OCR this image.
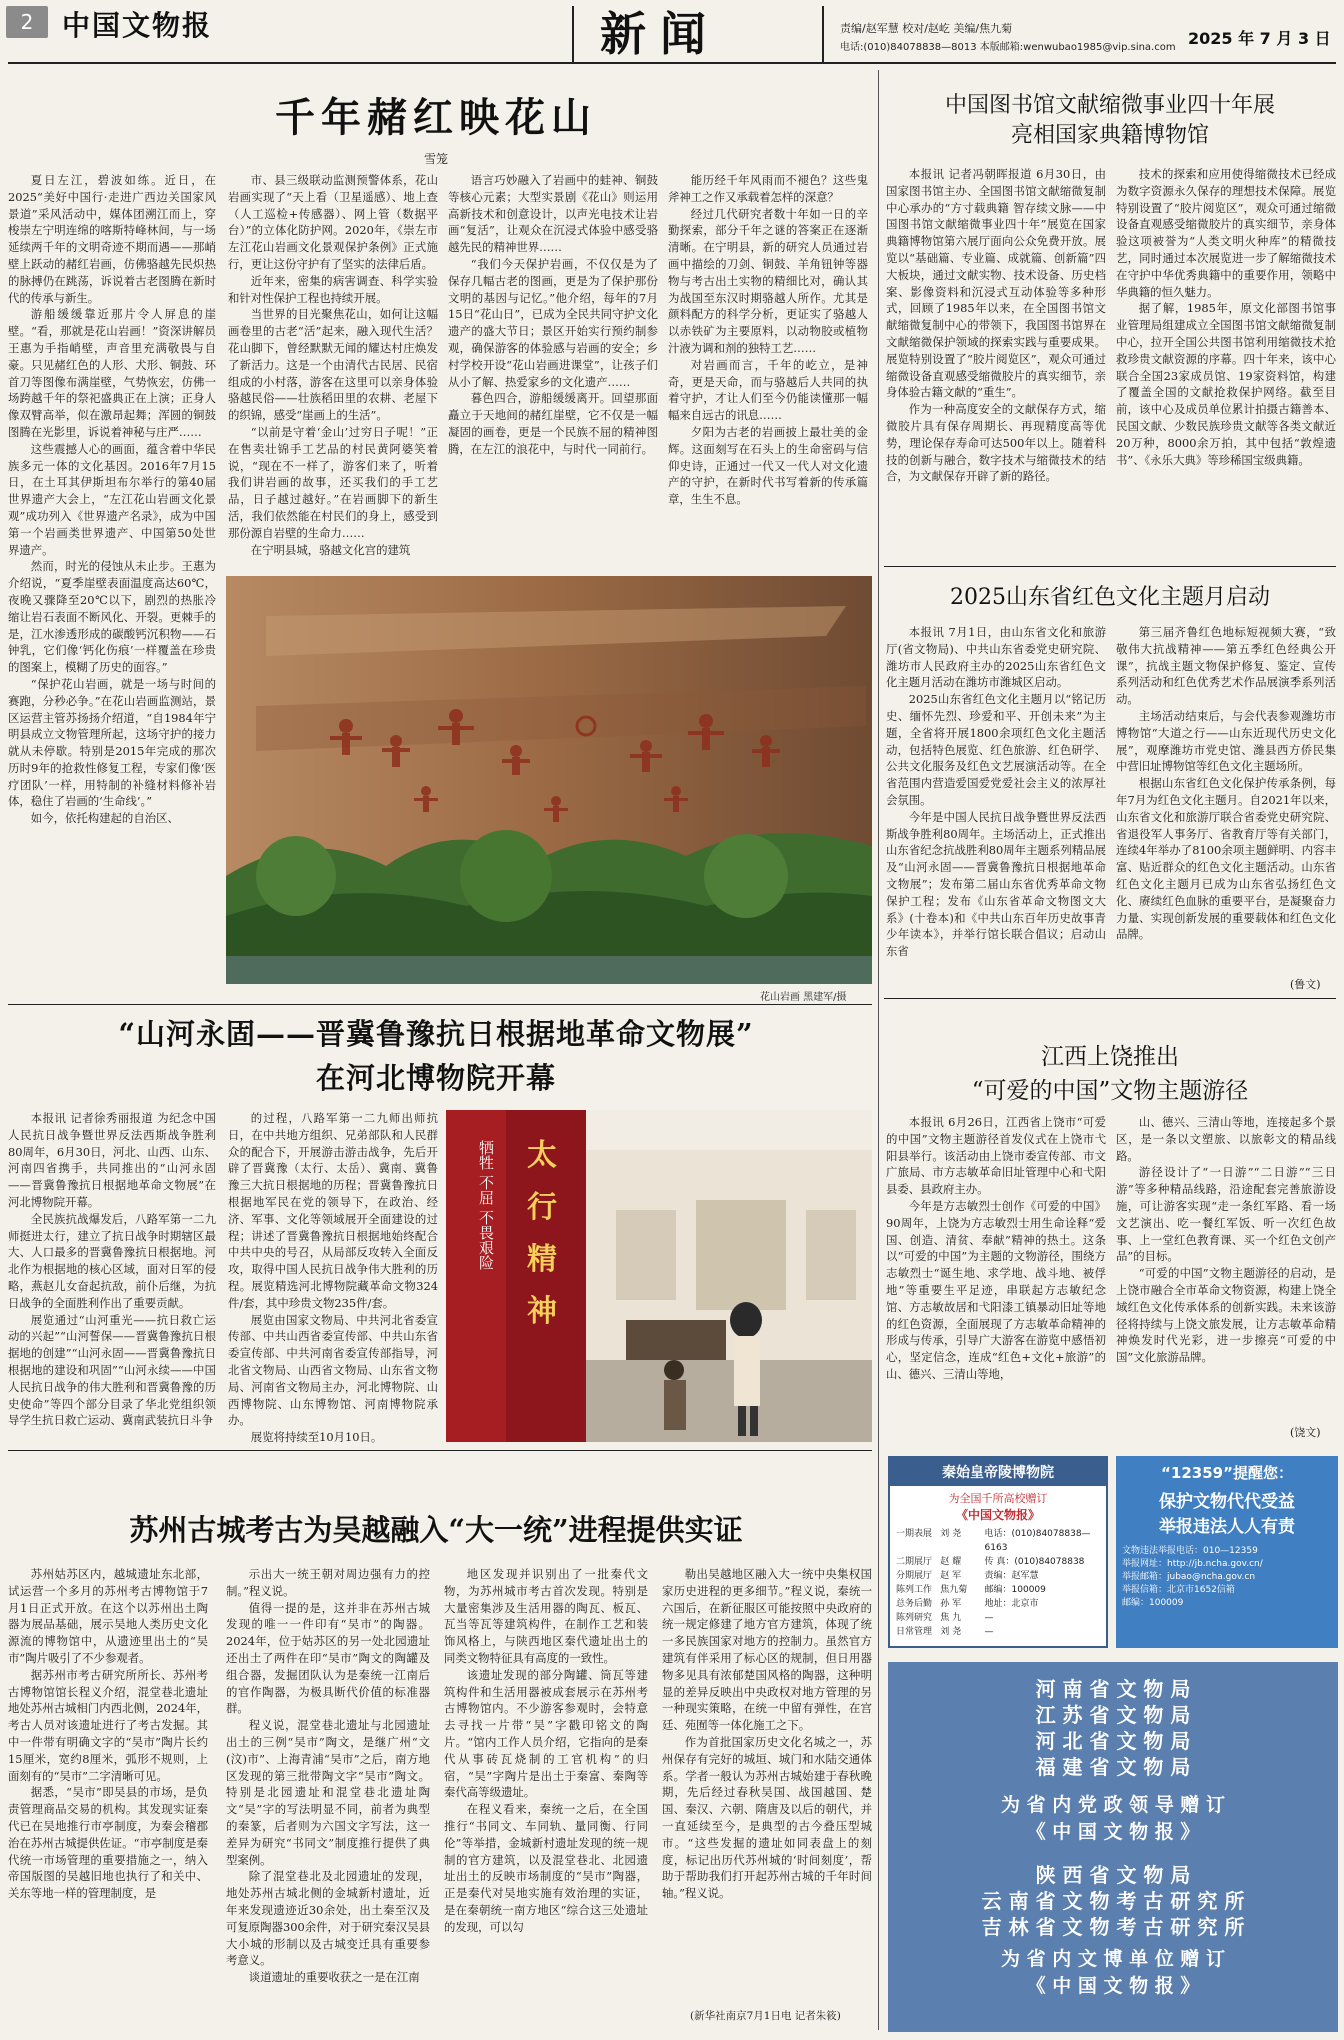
2	中国文物报	新闻	责编/赵军慧 校对/赵屹 美编/焦九菊
电话:(010)84078838—8013 本版邮箱:wenwubao1985@vip.sina.com 2025 年 7 月 3 日
千年赭红映花山
雪笼

夏日左江，碧波如练。近日，在2025“美好中国行·走进广西边关国家风景道”采风活动中，媒体团溯江而上，穿梭崇左宁明连绵的喀斯特峰林间，与一场延续两千年的文明奇迹不期而遇——那峭壁上跃动的赭红岩画，仿佛骆越先民炽热的脉搏仍在跳荡，诉说着古老图腾在新时代的传承与新生。

游船缓缓靠近那片令人屏息的崖壁。“看，那就是花山岩画！”资深讲解员王惠为手指峭壁，声音里充满敬畏与自豪。只见赭红色的人形、犬形、铜鼓、环首刀等图像布满崖壁，气势恢宏，仿佛一场跨越千年的祭祀盛典正在上演；正身人像双臂高举，似在激昂起舞；浑圆的铜鼓图腾在光影里，诉说着神秘与庄严……

这些震撼人心的画面，蕴含着中华民族多元一体的文化基因。2016年7月15日，在土耳其伊斯坦布尔举行的第40届世界遗产大会上，“左江花山岩画文化景观”成功列入《世界遗产名录》，成为中国第一个岩画类世界遗产、中国第50处世界遗产。

然而，时光的侵蚀从未止步。王惠为介绍说，“夏季崖壁表面温度高达60℃，夜晚又骤降至20℃以下，剧烈的热胀冷缩让岩石表面不断风化、开裂。更棘手的是，江水渗透形成的碳酸钙沉积物——石钟乳，它们像‘钙化伤痕’一样覆盖在珍贵的图案上，模糊了历史的面容。”

“保护花山岩画，就是一场与时间的赛跑，分秒必争。”在花山岩画监测站，景区运营主管苏扬扬介绍道，“自1984年宁明县成立文物管理所起，这场守护的接力就从未停歇。特别是2015年完成的那次历时9年的抢救性修复工程，专家们像‘医疗团队’一样，用特制的补缝材料修补岩体，稳住了岩画的‘生命线’。”

如今，依托构建起的自治区、

市、县三级联动监测预警体系，花山岩画实现了“天上看（卫星遥感）、地上查（人工巡检+传感器）、网上管（数据平台）”的立体化防护网。2020年，《崇左市左江花山岩画文化景观保护条例》正式施行，更让这份守护有了坚实的法律后盾。

近年来，密集的病害调查、科学实验和针对性保护工程也持续开展。

当世界的目光聚焦花山，如何让这幅画卷里的古老“活”起来，融入现代生活？花山脚下，曾经默默无闻的耀达村庄焕发了新活力。这是一个由清代古民居、民宿组成的小村落，游客在这里可以亲身体验骆越民俗——壮族稻田里的农耕、老屋下的织锦，感受“崖画上的生活”。

“以前是守着‘金山’过穷日子呢！”正在售卖壮锦手工艺品的村民黄阿婆笑着说，“现在不一样了，游客们来了，听着我们讲岩画的故事，还买我们的手工艺品，日子越过越好。”在岩画脚下的新生活，我们依然能在村民们的身上，感受到那份源自岩壁的生命力……

在宁明县城，骆越文化宫的建筑

语言巧妙融入了岩画中的蛙神、铜鼓等核心元素；大型实景剧《花山》则运用高新技术和创意设计，以声光电技术让岩画“复活”，让观众在沉浸式体验中感受骆越先民的精神世界……

“我们今天保护岩画，不仅仅是为了保存几幅古老的图画，更是为了保护那份文明的基因与记忆。”他介绍，每年的7月15日“花山日”，已成为全民共同守护文化遗产的盛大节日；景区开始实行预约制参观，确保游客的体验感与岩画的安全；乡村学校开设“花山岩画进课堂”，让孩子们从小了解、热爱家乡的文化遗产……

暮色四合，游船缓缓离开。回望那面矗立于天地间的赭红崖壁，它不仅是一幅凝固的画卷，更是一个民族不屈的精神图腾，在左江的浪花中，与时代一同前行。

能历经千年风雨而不褪色？这些鬼斧神工之作又承载着怎样的深意？

经过几代研究者数十年如一日的辛勤探索，部分千年之谜的答案正在逐渐清晰。在宁明县，新的研究人员通过岩画中描绘的刀剑、铜鼓、羊角钮钟等器物与考古出土实物的精细比对，确认其为战国至东汉时期骆越人所作。尤其是颜料配方的科学分析，更证实了骆越人以赤铁矿为主要原料，以动物胶或植物汁液为调和剂的独特工艺……

对岩画而言，千年的屹立，是神奇，更是天命，而与骆越后人共同的执着守护，才让人们至今仍能读懂那一幅幅来自远古的讯息……

夕阳为古老的岩画披上最壮美的金辉。这面刻写在石头上的生命密码与信仰史诗，正通过一代又一代人对文化遗产的守护，在新时代书写着新的传承篇章，生生不息。

花山岩画 黑建军/摄
中国图书馆文献缩微事业四十年展
亮相国家典籍博物馆

本报讯 记者冯朝晖报道 6月30日，由国家图书馆主办、全国图书馆文献缩微复制中心承办的“方寸载典籍 智存续文脉——中国图书馆文献缩微事业四十年”展览在国家典籍博物馆第六展厅面向公众免费开放。展览以“基础篇、专业篇、成就篇、创新篇”四大板块，通过文献实物、技术设备、历史档案、影像资料和沉浸式互动体验等多种形式，回顾了1985年以来，在全国图书馆文献缩微复制中心的带领下，我国图书馆界在文献缩微保护领域的探索实践与重要成果。展览特别设置了“胶片阅览区”，观众可通过缩微设备直观感受缩微胶片的真实细节，亲身体验古籍文献的“重生”。

作为一种高度安全的文献保存方式，缩微胶片具有保存周期长、再现精度高等优势，理论保存寿命可达500年以上。随着科技的创新与融合，数字技术与缩微技术的结合，为文献保存开辟了新的路径。

技术的探索和应用使得缩微技术已经成为数字资源永久保存的理想技术保障。展览特别设置了“胶片阅览区”，观众可通过缩微设备直观感受缩微胶片的真实细节，亲身体验这项被誉为“人类文明火种库”的精微技艺，同时通过本次展览进一步了解缩微技术在守护中华优秀典籍中的重要作用，领略中华典籍的恒久魅力。

据了解，1985年，原文化部图书馆事业管理局组建成立全国图书馆文献缩微复制中心，拉开全国公共图书馆利用缩微技术抢救珍贵文献资源的序幕。四十年来，该中心联合全国23家成员馆、19家资料馆，构建了覆盖全国的文献抢救保护网络。截至目前，该中心及成员单位累计拍摄古籍善本、民国文献、少数民族珍贵文献等各类文献近20万种，8000余万拍，其中包括“敦煌遗书”、《永乐大典》等珍稀国宝级典籍。

2025山东省红色文化主题月启动

本报讯 7月1日，由山东省文化和旅游厅(省文物局)、中共山东省委党史研究院、潍坊市人民政府主办的2025山东省红色文化主题月活动在潍坊市潍城区启动。

2025山东省红色文化主题月以“铭记历史、缅怀先烈、珍爱和平、开创未来”为主题，全省将开展1800余项红色文化主题活动，包括特色展览、红色旅游、红色研学、公共文化服务及红色文艺展演活动等。在全省范围内营造爱国爱党爱社会主义的浓厚社会氛围。

今年是中国人民抗日战争暨世界反法西斯战争胜利80周年。主场活动上，正式推出山东省纪念抗战胜利80周年主题系列精品展及“山河永固——晋冀鲁豫抗日根据地革命文物展”；发布第二届山东省优秀革命文物保护工程；发布《山东省革命文物图文大系》(十卷本)和《中共山东百年历史故事青少年读本》，并举行馆长联合倡议；启动山东省

第三届齐鲁红色地标短视频大赛，“致敬伟大抗战精神——第五季红色经典公开课”，抗战主题文物保护修复、鉴定、宣传系列活动和红色优秀艺术作品展演季系列活动。

主场活动结束后，与会代表参观潍坊市博物馆“大道之行——山东近现代历史文化展”，观摩潍坊市党史馆、潍县西方侨民集中营旧址博物馆等红色文化主题场所。

根据山东省红色文化保护传承条例，每年7月为红色文化主题月。自2021年以来，山东省文化和旅游厅联合省委党史研究院、省退役军人事务厅、省教育厅等有关部门，连续4年举办了8100余项主题鲜明、内容丰富、贴近群众的红色文化主题活动。山东省红色文化主题月已成为山东省弘扬红色文化、赓续红色血脉的重要平台，是凝聚奋力力量、实现创新发展的重要载体和红色文化品牌。

(鲁文)
江西上饶推出
“可爱的中国”文物主题游径

本报讯 6月26日，江西省上饶市“可爱的中国”文物主题游径首发仪式在上饶市弋阳县举行。该活动由上饶市委宣传部、市文广旅局、市方志敏革命旧址管理中心和弋阳县委、县政府主办。

今年是方志敏烈士创作《可爱的中国》90周年，上饶为方志敏烈士用生命诠释“爱国、创造、清贫、奉献”精神的热土。这条以“可爱的中国”为主题的文物游径，围绕方志敏烈士“诞生地、求学地、战斗地、被俘地”等重要生平足迹，串联起方志敏纪念馆、方志敏故居和弋阳漆工镇暴动旧址等地的红色资源，全面展现了方志敏革命精神的形成与传承，引导广大游客在游览中感悟初心，坚定信念，连成“红色+文化+旅游”的山、德兴、三清山等地，

山、德兴、三清山等地，连接起多个景区，是一条以文塑旅、以旅彰文的精品线路。

游径设计了“一日游”“二日游”“三日游”等多种精品线路，沿途配套完善旅游设施，可让游客实现“走一条红军路、看一场文艺演出、吃一餐红军饭、听一次红色故事、上一堂红色教育课、买一个红色文创产品”的目标。

“可爱的中国”文物主题游径的启动，是上饶市融合全市革命文物资源，构建上饶全域红色文化传承体系的创新实践。未来该游径将持续与上饶文旅发展，让方志敏革命精神焕发时代光彩，进一步擦亮“可爱的中国”文化旅游品牌。

(饶文)
“山河永固——晋冀鲁豫抗日根据地革命文物展”
在河北博物院开幕

本报讯 记者徐秀丽报道 为纪念中国人民抗日战争暨世界反法西斯战争胜利80周年，6月30日，河北、山西、山东、河南四省携手，共同推出的“山河永固——晋冀鲁豫抗日根据地革命文物展”在河北博物院开幕。

全民族抗战爆发后，八路军第一二九师挺进太行，建立了抗日战争时期辖区最大、人口最多的晋冀鲁豫抗日根据地。河北作为根据地的核心区域，面对日军的侵略，燕赵儿女奋起抗敌，前仆后继，为抗日战争的全面胜利作出了重要贡献。

展览通过“山河重光——抗日救亡运动的兴起”“山河誓保——晋冀鲁豫抗日根据地的创建”“山河永固——晋冀鲁豫抗日根据地的建设和巩固”“山河永续——中国人民抗日战争的伟大胜利和晋冀鲁豫的历史使命”等四个部分目录了华北党组织领导学生抗日救亡运动、冀南武装抗日斗争

的过程，八路军第一二九师出师抗日，在中共地方组织、兄弟部队和人民群众的配合下，开展游击游击战争，先后开辟了晋冀豫（太行、太岳）、冀南、冀鲁豫三大抗日根据地的历程；晋冀鲁豫抗日根据地军民在党的领导下，在政治、经济、军事、文化等领域展开全面建设的过程；讲述了晋冀鲁豫抗日根据地始终配合中共中央的号召，从局部反攻转入全面反攻，取得中国人民抗日战争伟大胜利的历程。展览精选河北博物院藏革命文物324件/套，其中珍贵文物235件/套。

展览由国家文物局、中共河北省委宣传部、中共山西省委宣传部、中共山东省委宣传部、中共河南省委宣传部指导，河北省文物局、山西省文物局、山东省文物局、河南省文物局主办，河北博物院、山西博物院、山东博物馆、河南博物院承办。

展览将持续至10月10日。

太
行
精
神
牺牲 不屈 不畏艰险
苏州古城考古为吴越融入“大一统”进程提供实证

苏州姑苏区内，越城遗址东北部，试运营一个多月的苏州考古博物馆于7月1日正式开放。在这个以苏州出土陶器为展品基础，展示吴地人类历史文化源流的博物馆中，从遗迹里出土的“吴市”陶片吸引了不少参观者。

据苏州市考古研究所所长、苏州考古博物馆馆长程义介绍，混堂巷北遗址地处苏州古城相门内西北侧，2024年，考古人员对该遗址进行了考古发掘。其中一件带有明确文字的“吴市”陶片长约15厘米，宽约8厘米，弧形不规则，上面刻有的“吴市”二字清晰可见。

据悉，“吴市”即吴县的市场，是负责管理商品交易的机构。其发现实证秦代已在吴地推行市亭制度，为秦会稽郡治在苏州古城提供佐证。“市亭制度是秦代统一市场管理的重要措施之一，纳入帝国版图的吴越旧地也执行了和关中、关东等地一样的管理制度，是

示出大一统王朝对周边强有力的控制。”程义说。

值得一提的是，这并非在苏州古城发现的唯一一件印有“吴市”的陶器。2024年，位于姑苏区的另一处北园遗址还出土了两件在印“吴市”陶文的陶罐及组合器，发掘团队认为是秦统一江南后的官作陶器，为极具断代价值的标准器群。

程义说，混堂巷北遗址与北园遗址出土的三例“吴市”陶文，是继广州“文(汶)市”、上海青浦“吴市”之后，南方地区发现的第三批带陶文字“吴市”陶文。特别是北园遗址和混堂巷北遗址陶文“吴”字的写法明显不同，前者为典型的秦篆，后者则为六国文字写法，这一差异为研究“书同文”制度推行提供了典型案例。

除了混堂巷北及北园遗址的发现，地处苏州古城北侧的金城新村遗址，近年来发现遗迹近30余处，出土秦至汉及可复原陶器300余件，对于研究秦汉吴县大小城的形制以及古城变迁具有重要参考意义。

谈道遗址的重要收获之一是在江南

地区发现并识别出了一批秦代文物，为苏州城市考古首次发现。特别是大量密集涉及生活用器的陶瓦、板瓦、瓦当等瓦等建筑构件，在制作工艺和装饰风格上，与陕西地区秦代遗址出土的同类文物特征具有高度的一致性。

该遗址发现的部分陶罐、筒瓦等建筑构件和生活用器被成套展示在苏州考古博物馆内。不少游客参观时，会特意去寻找一片带“吴”字戳印铭文的陶片。“馆内工作人员介绍，它指向的是秦代从事砖瓦烧制的工官机构”的归宿，“吴”字陶片是出土于秦富、秦陶等秦代高等级遗址。

在程义看来，秦统一之后，在全国推行“书同文、车同轨、量同衡、行同伦”等举措，金城新村遗址发现的统一规制的官方建筑，以及混堂巷北、北园遗址出土的反映市场制度的“吴市”陶器，正是秦代对吴地实施有效治理的实证，是在秦朝统一南方地区“综合这三处遗址的发现，可以勾

勒出吴越地区融入大一统中央集权国家历史进程的更多细节。”程义说，秦统一六国后，在新征服区可能按照中央政府的统一规定修建了地方官方建筑，体现了统一多民族国家对地方的控制力。虽然官方建筑有伴采用了标心区的规制，但日用器物多见具有浓郁楚国风格的陶器，这种明显的差异反映出中央政权对地方管理的另一种现实策略，在统一中留有弹性，在宫廷、苑囿等一体化施工之下。

作为首批国家历史文化名城之一，苏州保存有完好的城垣、城门和水陆交通体系。学者一般认为苏州古城始建于春秋晚期，先后经过春秋吴国、战国越国、楚国、秦汉、六朝、隋唐及以后的朝代，并一直延续至今，是典型的古今叠压型城市。“这些发掘的遗址如同表盘上的刻度，标记出历代苏州城的‘时间刻度’，帮助于帮助我们打开起苏州古城的千年时间轴。”程义说。

(新华社南京7月1日电 记者朱筱)
秦始皇帝陵博物院
为全国千所高校赠订
《中国文物报》
一期表展 刘 尧	电话：(010)84078838—6163
二期展厅 赵 耀	传 真：(010)84078838
分期展厅 赵 军	责编：赵军慧
陈列工作 焦九菊	邮编：100009
总务后勤 孙 军	地址：北京市
陈列研究 焦 九	—
日常管理 刘 尧	—
“12359”提醒您：
保护文物代代受益
举报违法人人有责
文物违法举报电话：010—12359
举报网址：http://jb.ncha.gov.cn/
举报邮箱：jubao@ncha.gov.cn
举报信箱：北京市1652信箱
邮编：100009
河 南 省 文 物 局
江 苏 省 文 物 局
河 北 省 文 物 局
福 建 省 文 物 局
为 省 内 党 政 领 导 赠 订
《 中 国 文 物 报 》
陕 西 省 文 物 局
云 南 省 文 物 考 古 研 究 所
吉 林 省 文 物 考 古 研 究 所
为 省 内 文 博 单 位 赠 订
《 中 国 文 物 报 》
